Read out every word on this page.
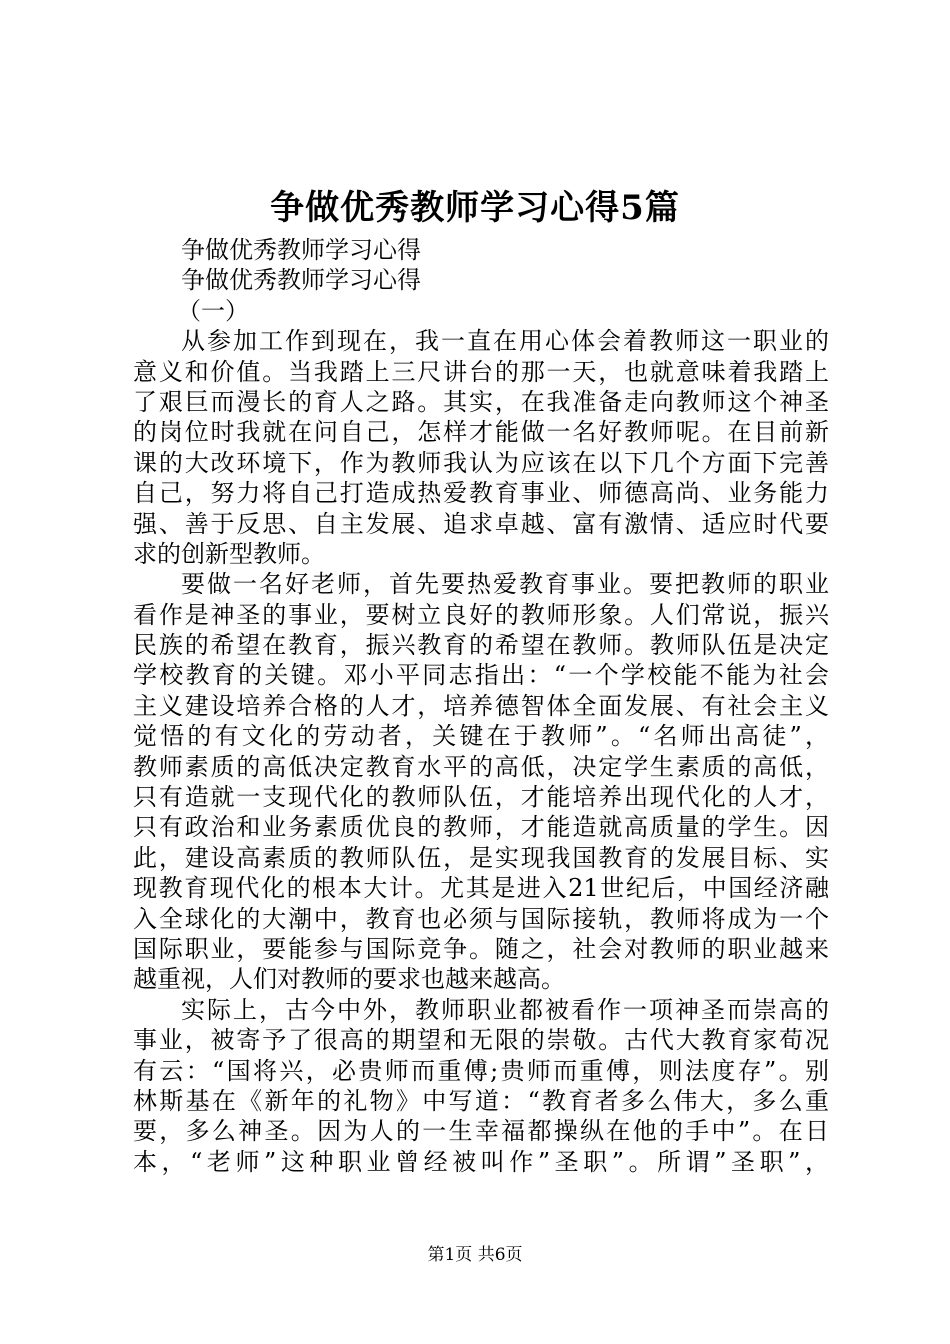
争做优秀教师学习心得5篇
争做优秀教师学习心得
争做优秀教师学习心得
（一）
从参加工作到现在，我一直在用心体会着教师这一职业的
意义和价值。当我踏上三尺讲台的那一天，也就意味着我踏上
了艰巨而漫长的育人之路。其实，在我准备走向教师这个神圣
的岗位时我就在问自己，怎样才能做一名好教师呢。在目前新
课的大改环境下，作为教师我认为应该在以下几个方面下完善
自己，努力将自己打造成热爱教育事业、师德高尚、业务能力
强、善于反思、自主发展、追求卓越、富有激情、适应时代要
求的创新型教师。
要做一名好老师，首先要热爱教育事业。要把教师的职业
看作是神圣的事业，要树立良好的教师形象。人们常说，振兴
民族的希望在教育，振兴教育的希望在教师。教师队伍是决定
学校教育的关键。邓小平同志指出：“一个学校能不能为社会
主义建设培养合格的人才，培养德智体全面发展、有社会主义
觉悟的有文化的劳动者，关键在于教师”。“名师出高徒”，
教师素质的高低决定教育水平的高低，决定学生素质的高低，
只有造就一支现代化的教师队伍，才能培养出现代化的人才，
只有政治和业务素质优良的教师，才能造就高质量的学生。因
此，建设高素质的教师队伍，是实现我国教育的发展目标、实
现教育现代化的根本大计。尤其是进入21世纪后，中国经济融
入全球化的大潮中，教育也必须与国际接轨，教师将成为一个
国际职业，要能参与国际竞争。随之，社会对教师的职业越来
越重视，人们对教师的要求也越来越高。
实际上，古今中外，教师职业都被看作一项神圣而崇高的
事业，被寄予了很高的期望和无限的崇敬。古代大教育家荀况
有云：“国将兴，必贵师而重傅;贵师而重傅，则法度存”。别
林斯基在《新年的礼物》中写道：“教育者多么伟大，多么重
要，多么神圣。因为人的一生幸福都操纵在他的手中”。在日
本，“老师”这种职业曾经被叫作”圣职”。所谓”圣职”，
第1页 共6页
